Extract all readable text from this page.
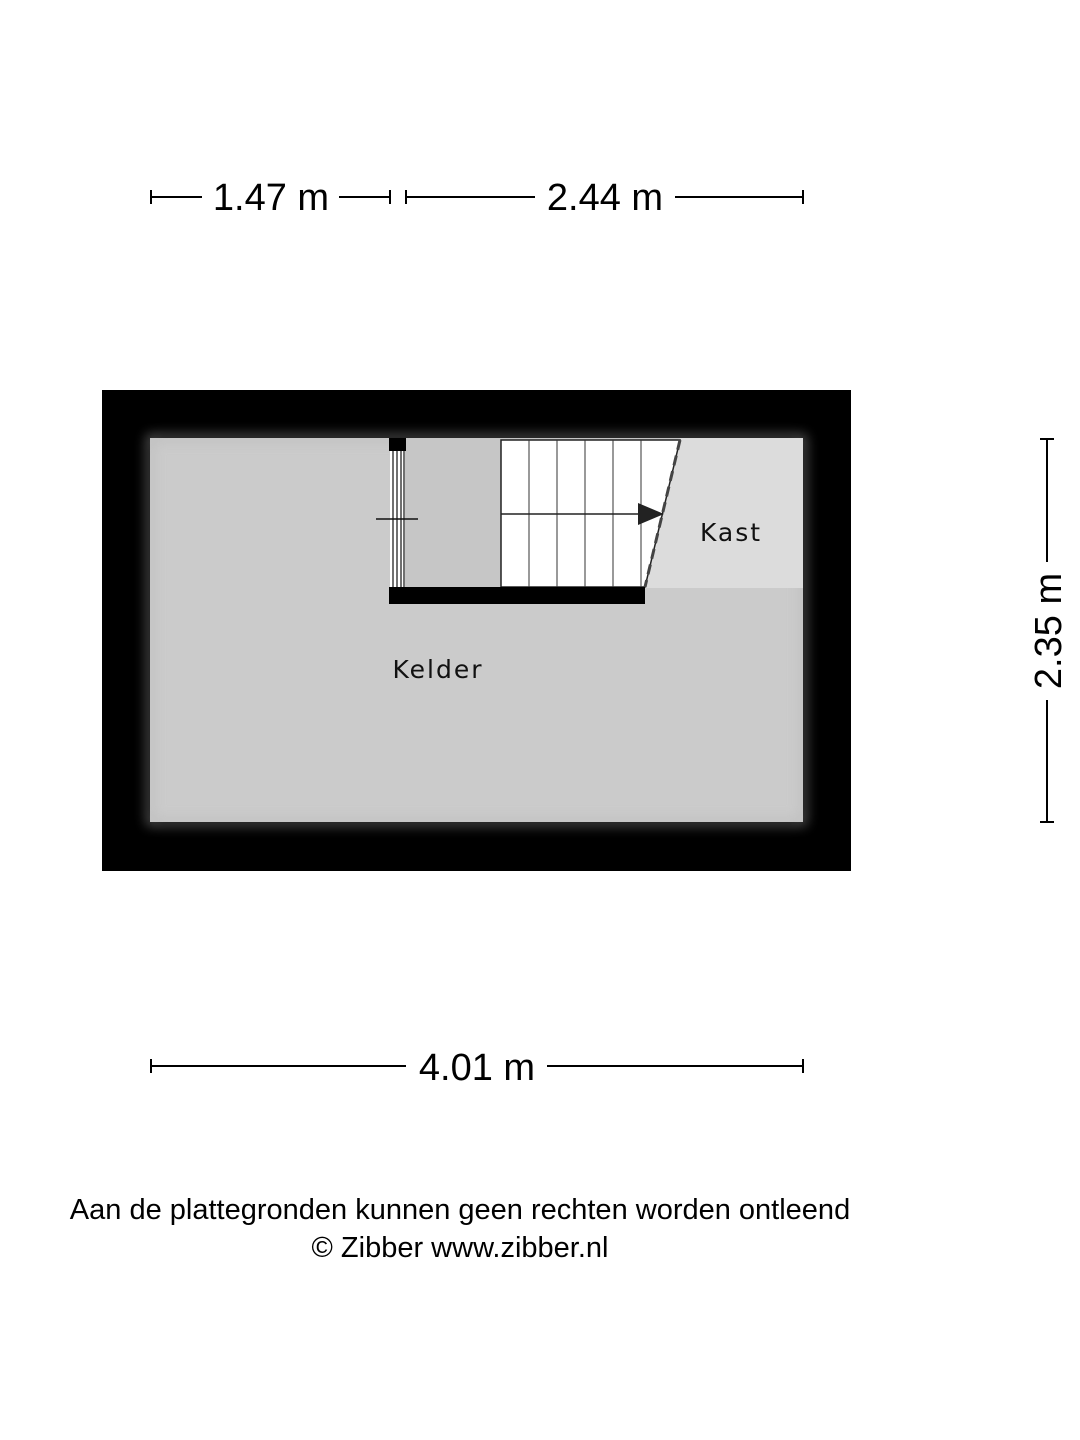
Kelder
Kast
1.47 m	2.44 m
2.35 m
4.01 m
Aan de plattegronden kunnen geen rechten worden ontleend
© Zibber www.zibber.nl
